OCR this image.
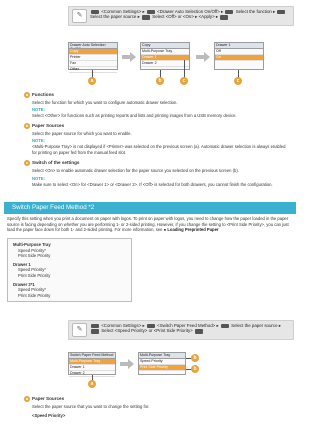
✎
<Common Settings> ▸	<Drawer Auto Selection On/Off> ▸	Select the function ▸  Select the paper source ▸	Select <Off> or <On> ▸ <Apply> ▸
Drawer Auto Selection
Copy
Printer
Fax
Other
Copy
Multi-Purpose Tray
Drawer 1
Drawer 2
Drawer 1
Off
On
a	b	c	c
a Functions
Select the function for which you want to configure automatic drawer selection.
NOTE:
Select <Other> for functions such as printing reports and lists and printing images from a USB memory device.
b Paper Sources
Select the paper source for which you want to enable.
NOTE:
<Multi-Purpose Tray> is not displayed if <Printer> was selected on the previous screen (a). Automatic drawer selection is always enabled for printing on paper fed from the manual feed slot.
c Switch of the settings
Select <On> to enable automatic drawer selection for the paper source you selected on the previous screen (b).
NOTE:
Make sure to select <On> for <Drawer 1> or <Drawer 2>. If <Off> is selected for both drawers, you cannot finish the configuration.
Switch Paper Feed Method *2
Specify this setting when you print a document on paper with logos. To print on paper with logos, you need to change how the paper loaded in the paper source is facing depending on whether you are performing 1- or 2-sided printing. However, if you change the setting to <Print Side Priority>, you can just load the paper face down for both 1- and 2-sided printing. For more information, see ● Loading Preprinted Paper
Multi-Purpose Tray
Speed Priority*
Print Side Priority
Drawer 1
Speed Priority*
Print Side Priority
Drawer 2*1
Speed Priority*
Print Side Priority
✎
<Common Settings> ▸	<Switch Paper Feed Method> ▸	Select the paper source ▸  Select <Speed Priority> or <Print Side Priority>
Switch Paper Feed Method
Multi-Purpose Tray
Drawer 1
Drawer 2
Multi-Purpose Tray
Speed Priority
Print Side Priority
a
b
b
a Paper Sources
Select the paper source that you want to change the setting for.
<Speed Priority>
